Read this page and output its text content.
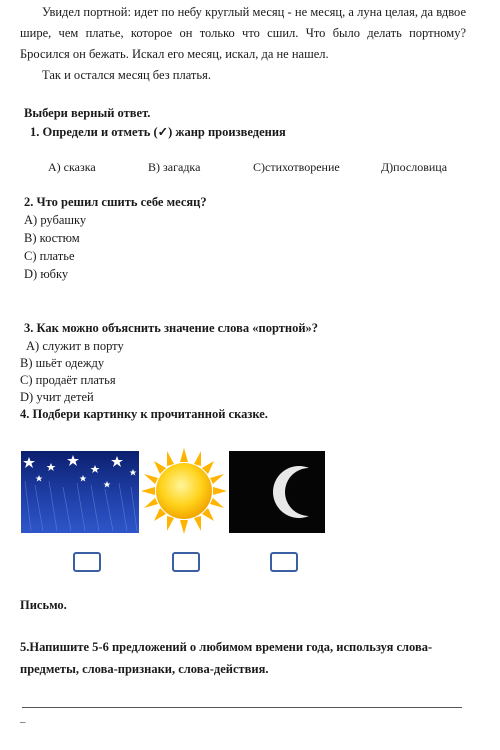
Увидел портной: идет по небу круглый месяц - не месяц, а луна целая, да вдвое шире, чем платье, которое он только что сшил. Что было делать портному? Бросился он бежать. Искал его месяц, искал, да не нашел.

Так и остался месяц без платья.

Выбери верный ответ.
1. Определи и отметь (✓) жанр произведения
А) сказка	В) загадка	С)стихотворение	Д)пословица
2. Что решил сшить себе месяц?
А) рубашку
В) костюм
С) платье
D) юбку
3. Как можно объяснить значение слова «портной»?
А) служит в порту
В) шьёт одежду
С) продаёт платья
D) учит детей
4. Подбери картинку к прочитанной сказке.
Письмо.
5.Напишите 5-6 предложений о любимом времени года, используя слова-предметы, слова-признаки, слова-действия.
–
